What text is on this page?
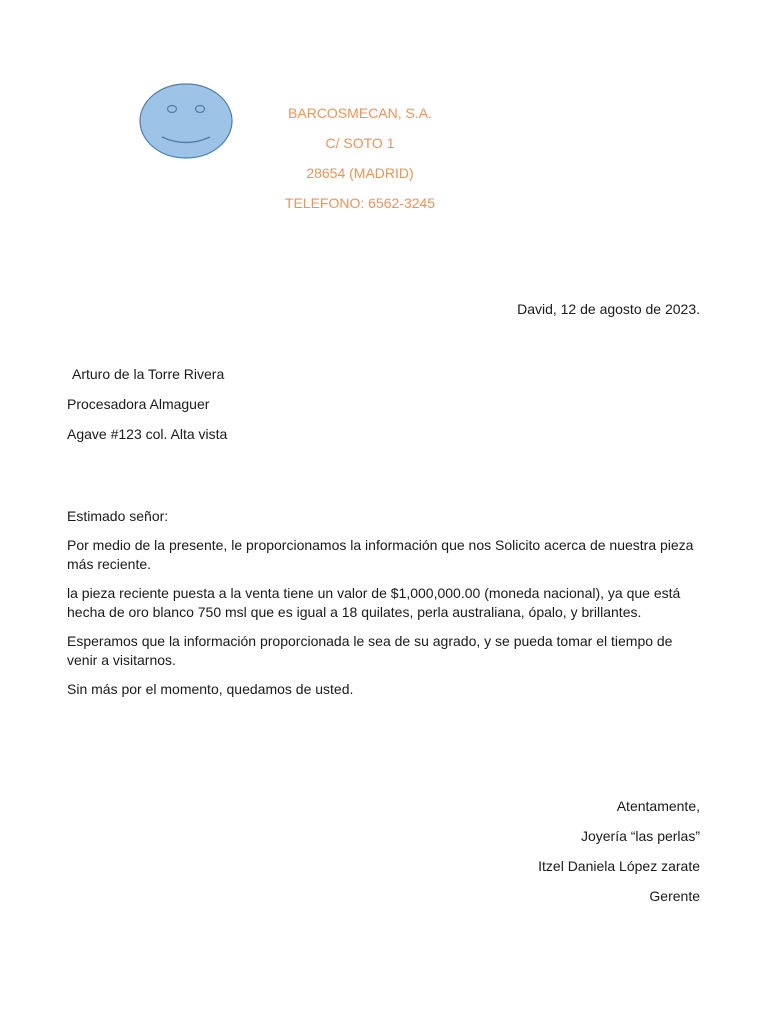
BARCOSMECAN, S.A.
C/ SOTO 1
28654 (MADRID)
TELEFONO: 6562-3245
David, 12 de agosto de 2023.
Arturo de la Torre Rivera
Procesadora Almaguer
Agave #123 col. Alta vista

Estimado señor:

Por medio de la presente, le proporcionamos la información que nos Solicito acerca de nuestra pieza más reciente.

la pieza reciente puesta a la venta tiene un valor de $1,000,000.00 (moneda nacional), ya que está hecha de oro blanco 750 msl que es igual a 18 quilates, perla australiana, ópalo, y brillantes.

Esperamos que la información proporcionada le sea de su agrado, y se pueda tomar el tiempo de venir a visitarnos.

Sin más por el momento, quedamos de usted.

Atentamente,
Joyería “las perlas”
Itzel Daniela López zarate
Gerente
